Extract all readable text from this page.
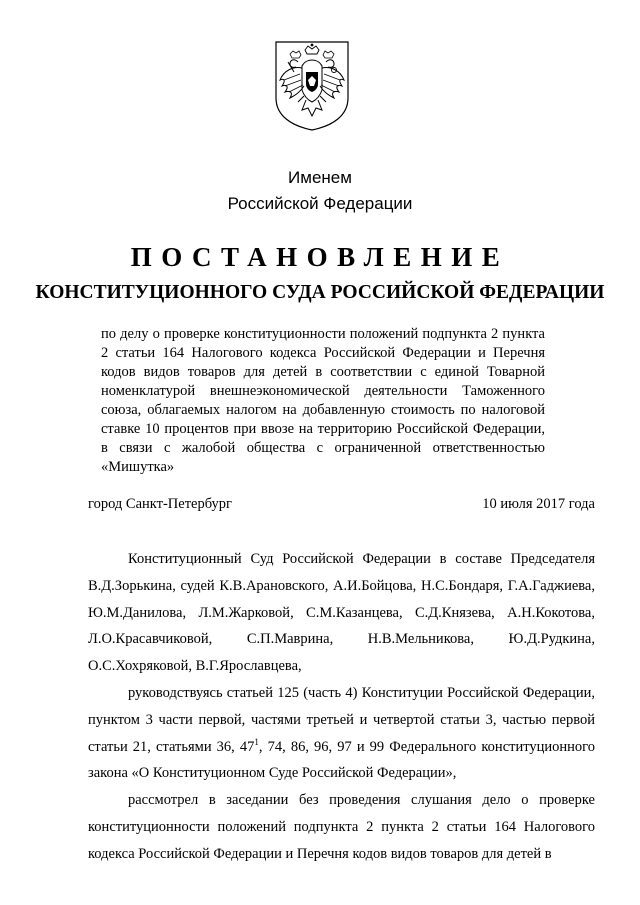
Именем
Российской Федерации
ПОСТАНОВЛЕНИЕ
КОНСТИТУЦИОННОГО СУДА РОССИЙСКОЙ ФЕДЕРАЦИИ
по делу о проверке конституционности положений подпункта 2 пункта 2 статьи 164 Налогового кодекса Российской Федерации и Перечня кодов видов товаров для детей в соответствии с единой Товарной номенклатурой внешнеэкономической деятельности Таможенного союза, облагаемых налогом на добавленную стоимость по налоговой ставке 10 процентов при ввозе на территорию Российской Федерации, в связи с жалобой общества с ограниченной ответственностью «Мишутка»
город Санкт-Петербург	10 июля 2017 года

Конституционный Суд Российской Федерации в составе Председателя В.Д.Зорькина, судей К.В.Арановского, А.И.Бойцова, Н.С.Бондаря, Г.А.Гаджиева, Ю.М.Данилова, Л.М.Жарковой, С.М.Казанцева, С.Д.Князева, А.Н.Кокотова, Л.О.Красавчиковой, С.П.Маврина, Н.В.Мельникова, Ю.Д.Рудкина, О.С.Хохряковой, В.Г.Ярославцева,

руководствуясь статьей 125 (часть 4) Конституции Российской Федерации, пунктом 3 части первой, частями третьей и четвертой статьи 3, частью первой статьи 21, статьями 36, $47^1$, 74, 86, 96, 97 и 99 Федерального конституционного закона «О Конституционном Суде Российской Федерации»,

рассмотрел в заседании без проведения слушания дело о проверке конституционности положений подпункта 2 пункта 2 статьи 164 Налогового кодекса Российской Федерации и Перечня кодов видов товаров для детей в
